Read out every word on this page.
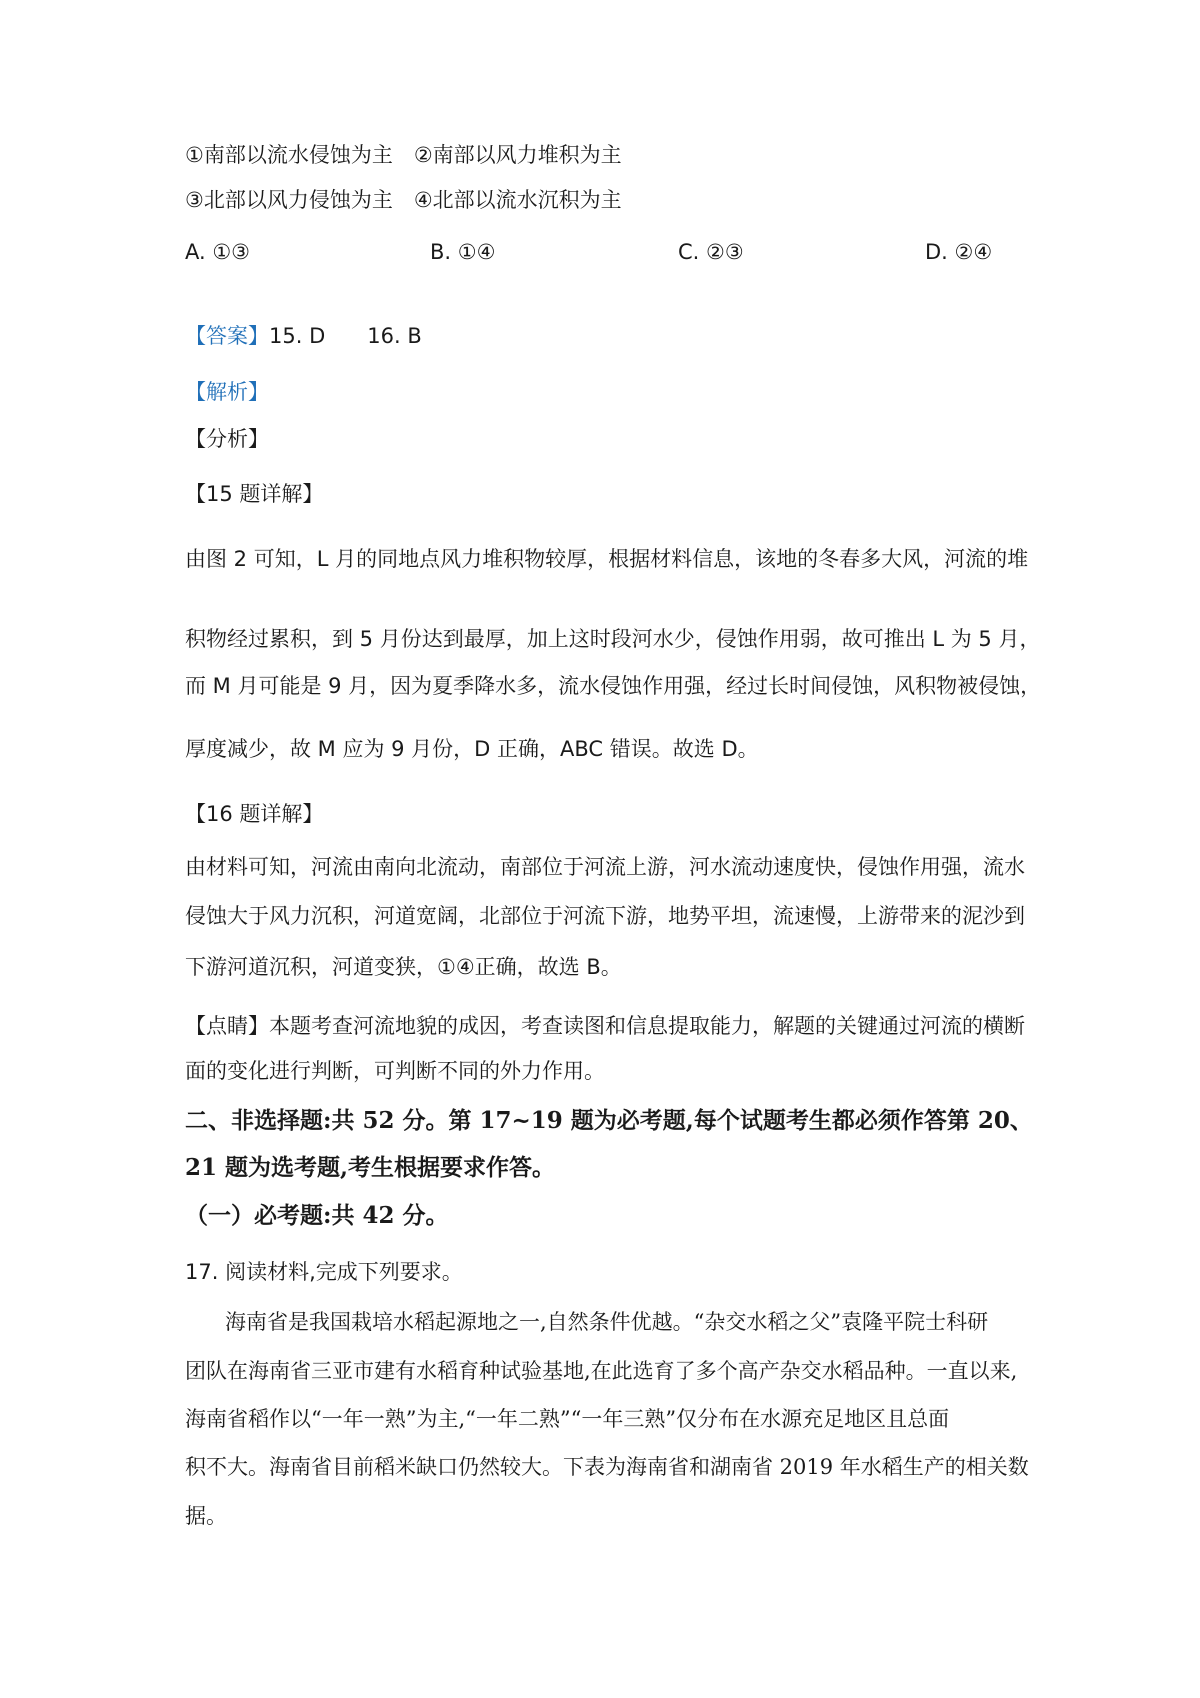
①南部以流水侵蚀为主　②南部以风力堆积为主
③北部以风力侵蚀为主　④北部以流水沉积为主
A. ①③	B. ①④	C. ②③	D. ②④
【答案】15. D　　16. B
【解析】
【分析】
【15 题详解】
由图 2 可知，L 月的同地点风力堆积物较厚，根据材料信息，该地的冬春多大风，河流的堆
积物经过累积，到 5 月份达到最厚，加上这时段河水少，侵蚀作用弱，故可推出 L 为 5 月，
而 M 月可能是 9 月，因为夏季降水多，流水侵蚀作用强，经过长时间侵蚀，风积物被侵蚀，
厚度减少，故 M 应为 9 月份，D 正确，ABC 错误。故选 D。
【16 题详解】
由材料可知，河流由南向北流动，南部位于河流上游，河水流动速度快，侵蚀作用强，流水
侵蚀大于风力沉积，河道宽阔，北部位于河流下游，地势平坦，流速慢，上游带来的泥沙到
下游河道沉积，河道变狭，①④正确，故选 B。
【点睛】本题考查河流地貌的成因，考查读图和信息提取能力，解题的关键通过河流的横断
面的变化进行判断，可判断不同的外力作用。
二、非选择题:共 52 分。第 17~19 题为必考题,每个试题考生都必须作答第 20、
21 题为选考题,考生根据要求作答。
（一）必考题:共 42 分。
17. 阅读材料,完成下列要求。
海南省是我国栽培水稻起源地之一,自然条件优越。“杂交水稻之父”袁隆平院士科研
团队在海南省三亚市建有水稻育种试验基地,在此选育了多个高产杂交水稻品种。一直以来,
海南省稻作以“一年一熟”为主,“一年二熟”“一年三熟”仅分布在水源充足地区且总面
积不大。海南省目前稻米缺口仍然较大。下表为海南省和湖南省 2019 年水稻生产的相关数
据。
